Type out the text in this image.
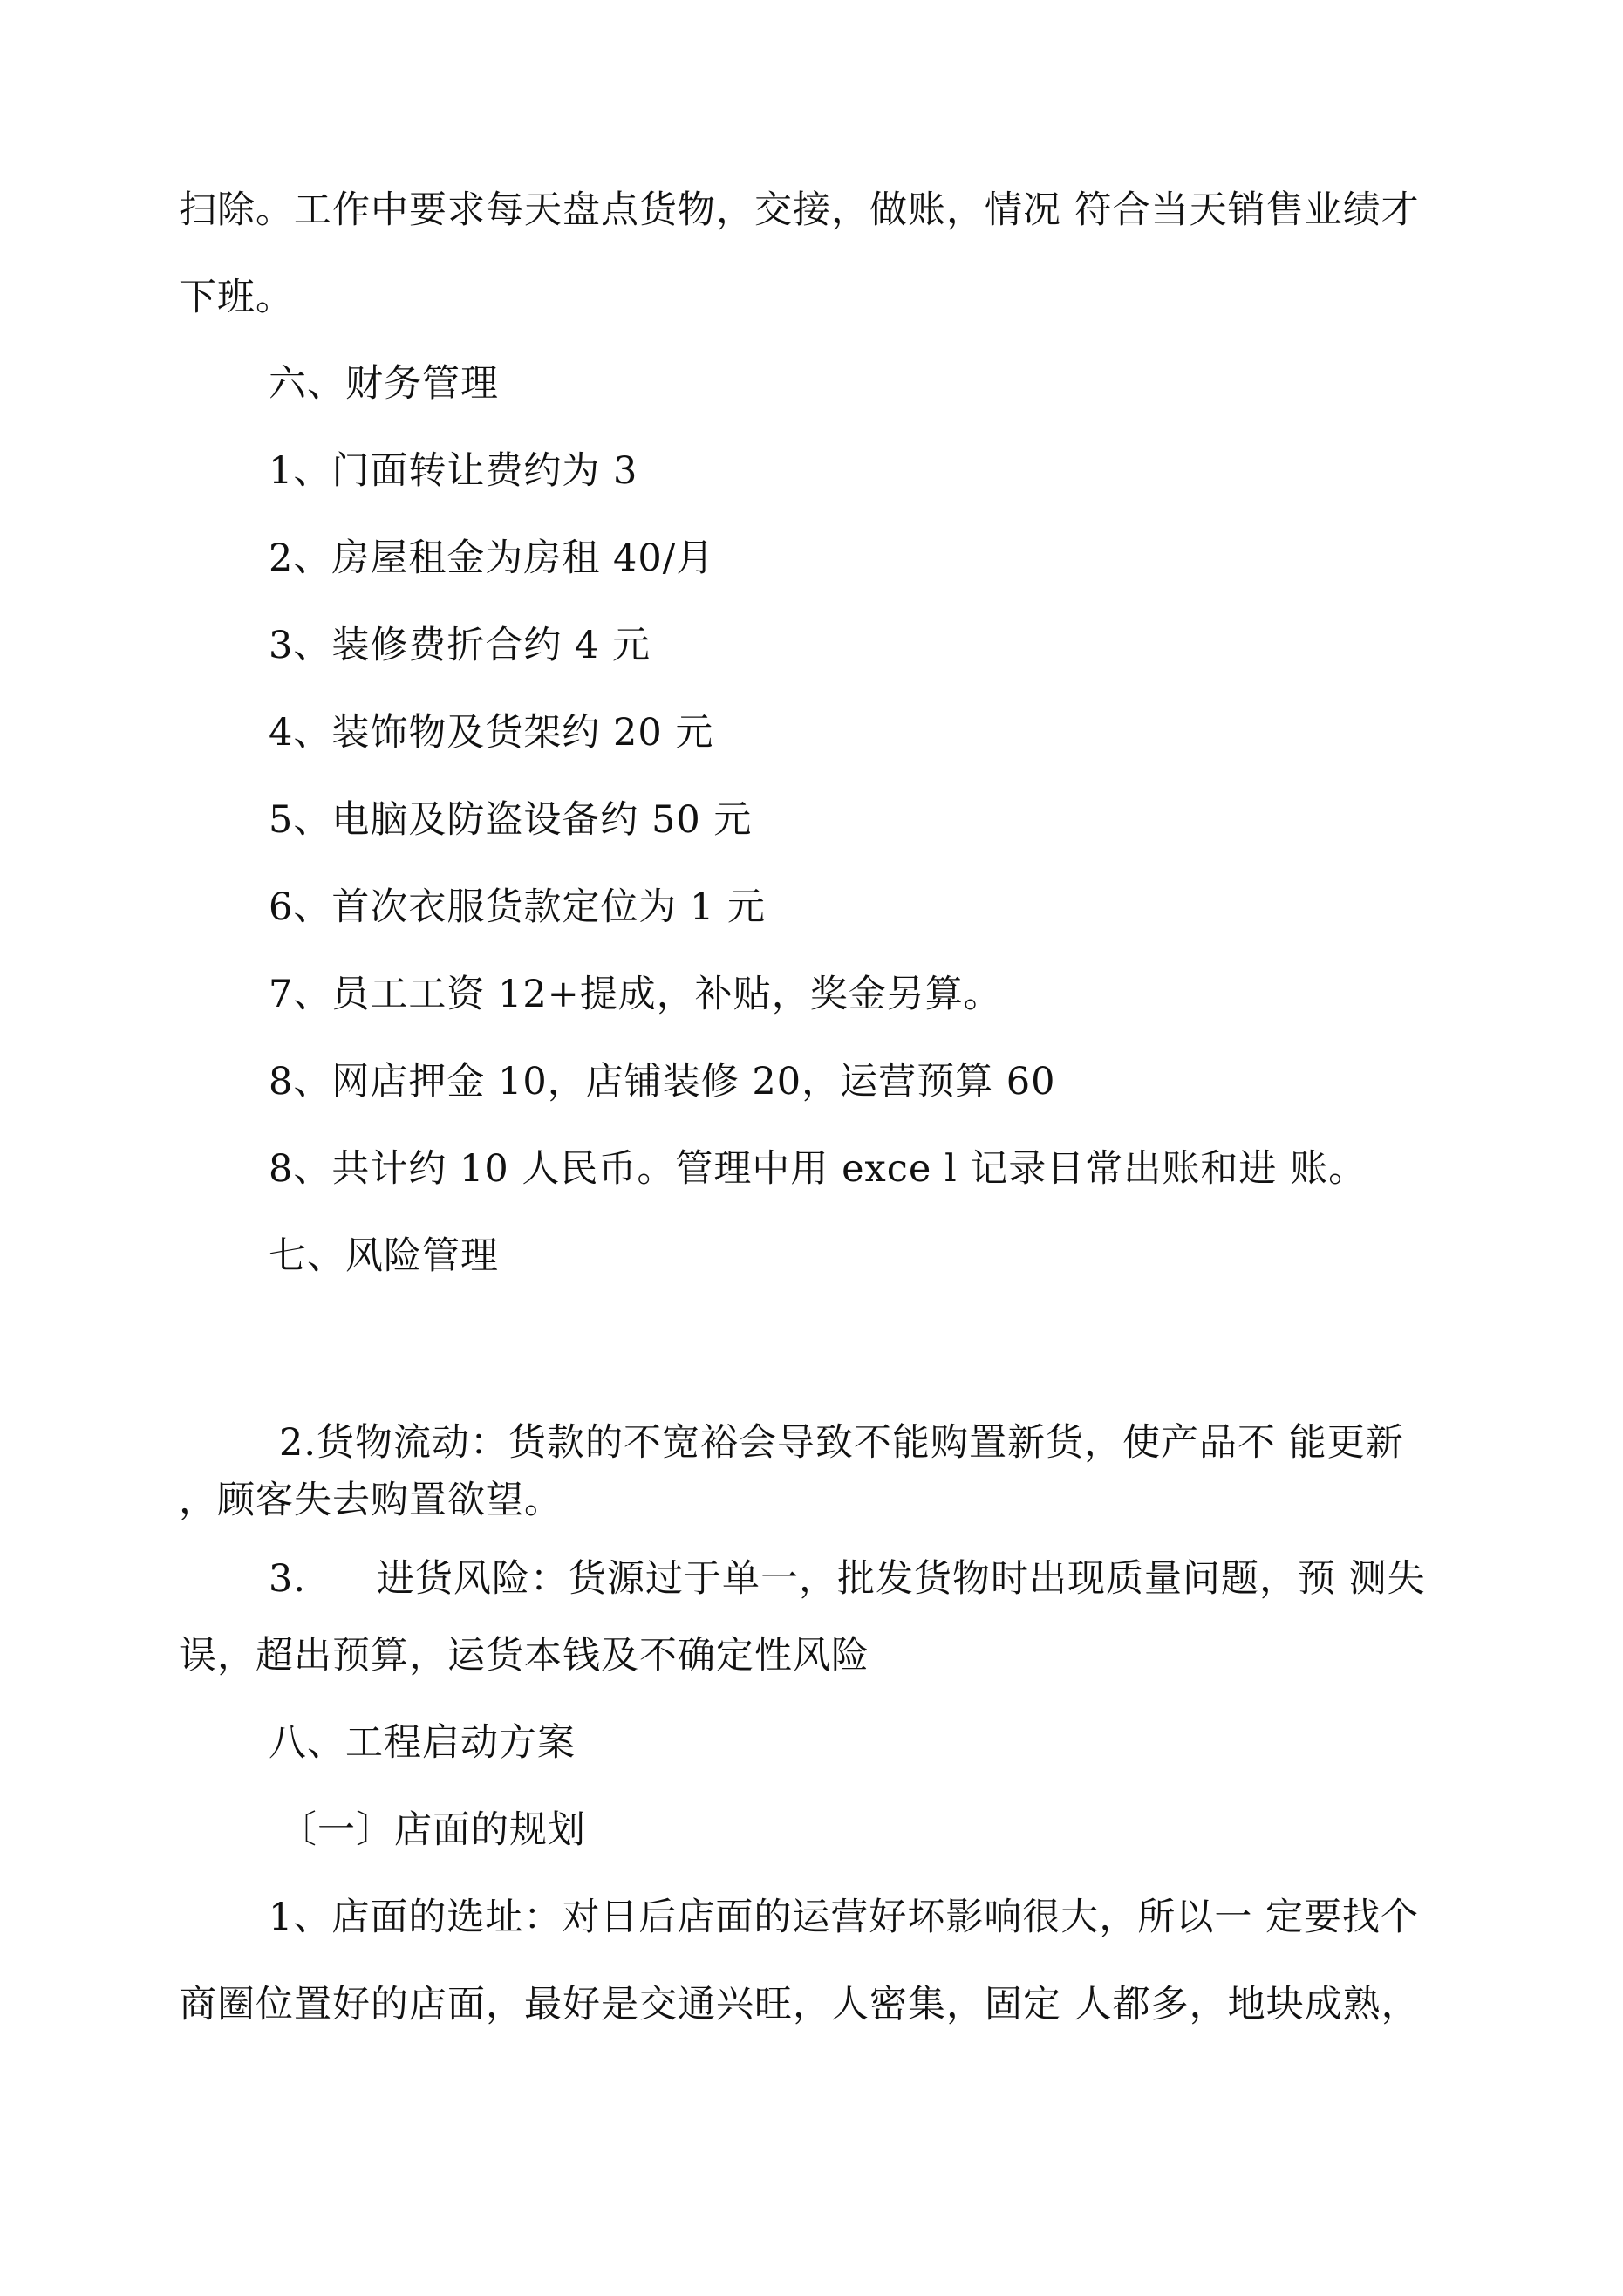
扫除。工作中要求每天盘点货物，交接，做账，情况 符合当天销售业绩才
下班。
六、财务管理
1、门面转让费约为 3
2、房屋租金为房租 40/月
3、装修费折合约 4 元
4、装饰物及货架约 20 元
5、电脑及防盗设备约 50 元
6、首次衣服货款定位为 1 元
7、员工工资 12+提成，补贴，奖金另算。
8、网店押金 10，店铺装修 20，运营预算 60
8、共计约 10 人民币。管理中用 exce l 记录日常出账和进 账。
七、风险管理
2.货物流动：货款的不宽裕会导致不能购置新货，使产品不 能更新
，顾客失去购置欲望。
3. 进货风险：货源过于单一，批发货物时出现质量问题，预 测失
误，超出预算，运货本钱及不确定性风险
八、工程启动方案
〔一〕店面的规划
1、店面的选址：对日后店面的运营好坏影响很大，所以一 定要找个
商圈位置好的店面，最好是交通兴旺，人密集，固定 人都多，地块成熟，
